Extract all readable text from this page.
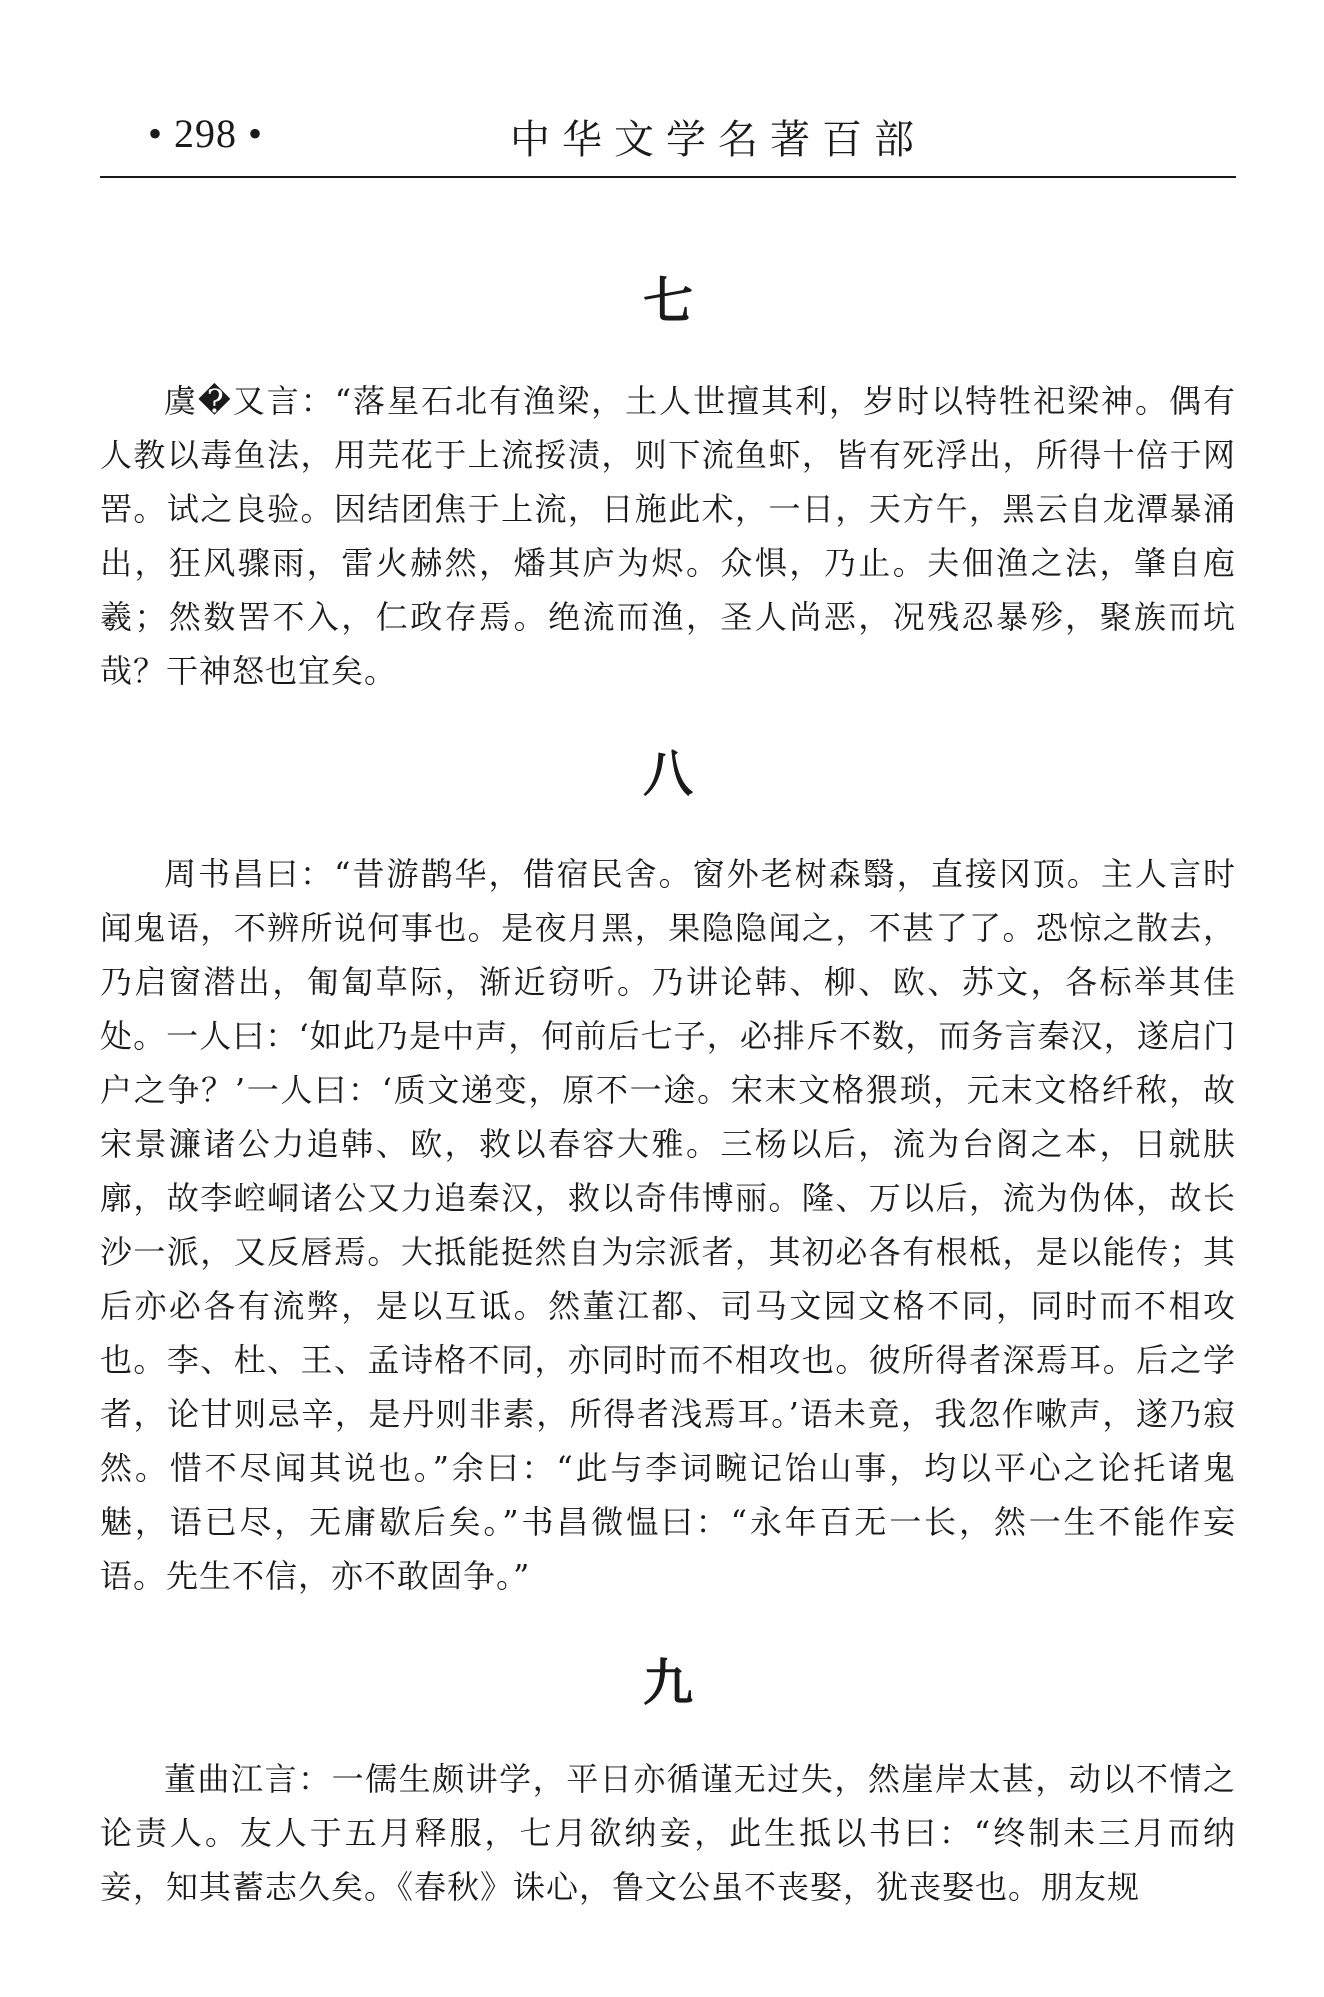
• 298 •	中华文学名著百部
七

虞�又言：“落星石北有渔梁，土人世擅其利，岁时以特牲祀梁神。偶有人教以毒鱼法，用芫花于上流挼渍，则下流鱼虾，皆有死浮出，所得十倍于网罟。试之良验。因结团焦于上流，日施此术，一日，天方午，黑云自龙潭暴涌出，狂风骤雨，雷火赫然，燔其庐为烬。众惧，乃止。夫佃渔之法，肇自庖羲；然数罟不入，仁政存焉。绝流而渔，圣人尚恶，况残忍暴殄，聚族而坑哉？干神怒也宜矣。

八

周书昌曰：“昔游鹊华，借宿民舍。窗外老树森翳，直接冈顶。主人言时闻鬼语，不辨所说何事也。是夜月黑，果隐隐闻之，不甚了了。恐惊之散去，乃启窗潜出，匍匐草际，渐近窃听。乃讲论韩、柳、欧、苏文，各标举其佳处。一人曰：‘如此乃是中声，何前后七子，必排斥不数，而务言秦汉，遂启门户之争？’一人曰：‘质文递变，原不一途。宋末文格猥琐，元末文格纤秾，故宋景濂诸公力追韩、欧，救以春容大雅。三杨以后，流为台阁之本，日就肤廓，故李崆峒诸公又力追秦汉，救以奇伟博丽。隆、万以后，流为伪体，故长沙一派，又反唇焉。大抵能挺然自为宗派者，其初必各有根柢，是以能传；其后亦必各有流弊，是以互诋。然董江都、司马文园文格不同，同时而不相攻也。李、杜、王、孟诗格不同，亦同时而不相攻也。彼所得者深焉耳。后之学者，论甘则忌辛，是丹则非素，所得者浅焉耳。’语未竟，我忽作嗽声，遂乃寂然。惜不尽闻其说也。”余曰：“此与李词畹记饴山事，均以平心之论托诸鬼魅，语已尽，无庸歇后矣。”书昌微愠曰：“永年百无一长，然一生不能作妄语。先生不信，亦不敢固争。”

九

董曲江言：一儒生颇讲学，平日亦循谨无过失，然崖岸太甚，动以不情之论责人。友人于五月释服，七月欲纳妾，此生抵以书曰：“终制未三月而纳妾，知其蓄志久矣。《春秋》诛心，鲁文公虽不丧娶，犹丧娶也。朋友规
